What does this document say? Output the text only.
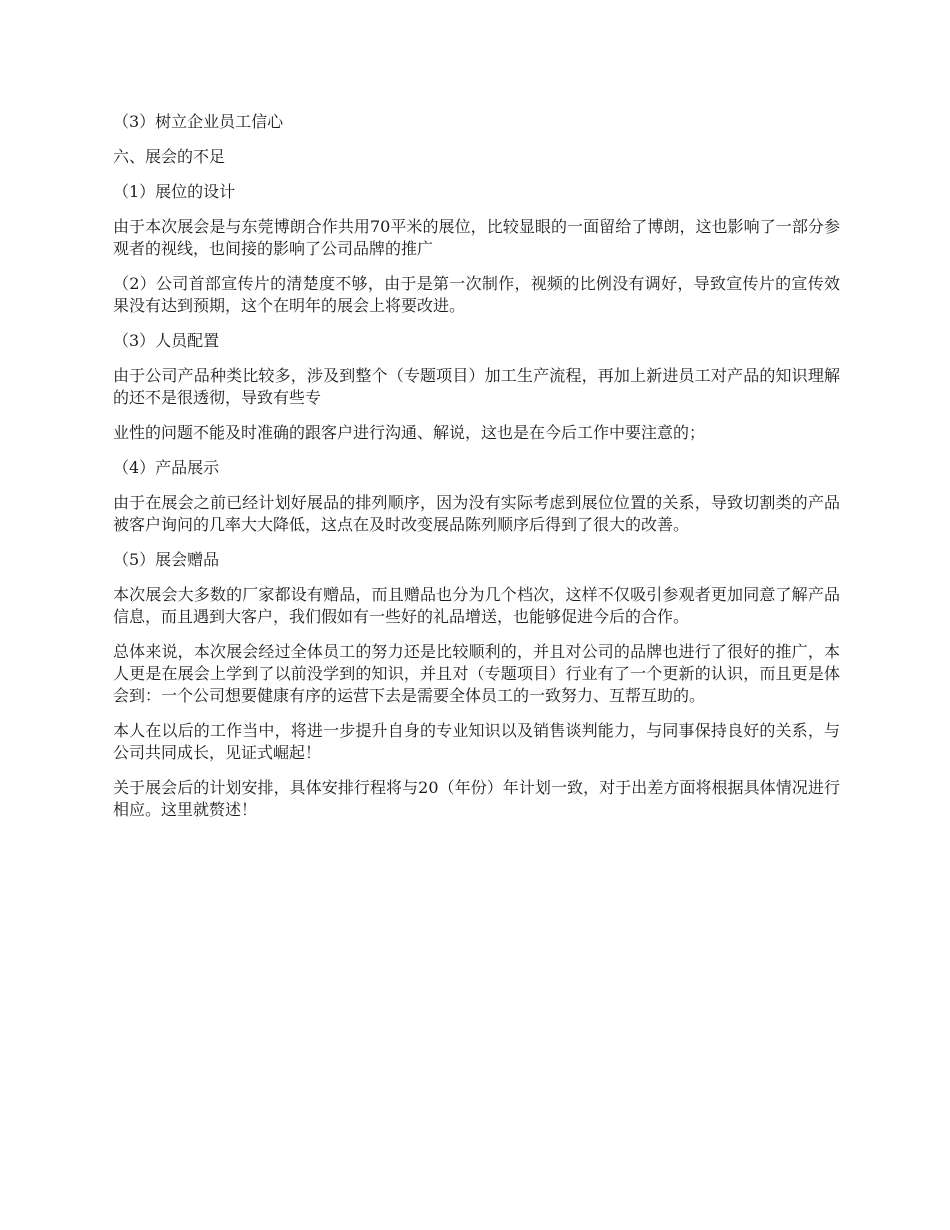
（3）树立企业员工信心

六、展会的不足

（1）展位的设计

由于本次展会是与东莞博朗合作共用70平米的展位，比较显眼的一面留给了博朗，这也影响了一部分参观者的视线，也间接的影响了公司品牌的推广

（2）公司首部宣传片的清楚度不够，由于是第一次制作，视频的比例没有调好，导致宣传片的宣传效果没有达到预期，这个在明年的展会上将要改进。

（3）人员配置

由于公司产品种类比较多，涉及到整个（专题项目）加工生产流程，再加上新进员工对产品的知识理解的还不是很透彻，导致有些专

业性的问题不能及时准确的跟客户进行沟通、解说，这也是在今后工作中要注意的；

（4）产品展示

由于在展会之前已经计划好展品的排列顺序，因为没有实际考虑到展位位置的关系，导致切割类的产品被客户询问的几率大大降低，这点在及时改变展品陈列顺序后得到了很大的改善。

（5）展会赠品

本次展会大多数的厂家都设有赠品，而且赠品也分为几个档次，这样不仅吸引参观者更加同意了解产品信息，而且遇到大客户，我们假如有一些好的礼品增送，也能够促进今后的合作。

总体来说，本次展会经过全体员工的努力还是比较顺利的，并且对公司的品牌也进行了很好的推广，本人更是在展会上学到了以前没学到的知识，并且对（专题项目）行业有了一个更新的认识，而且更是体会到：一个公司想要健康有序的运营下去是需要全体员工的一致努力、互帮互助的。

本人在以后的工作当中，将进一步提升自身的专业知识以及销售谈判能力，与同事保持良好的关系，与公司共同成长，见证式崛起！

关于展会后的计划安排，具体安排行程将与20（年份）年计划一致，对于出差方面将根据具体情况进行相应。这里就赘述！
